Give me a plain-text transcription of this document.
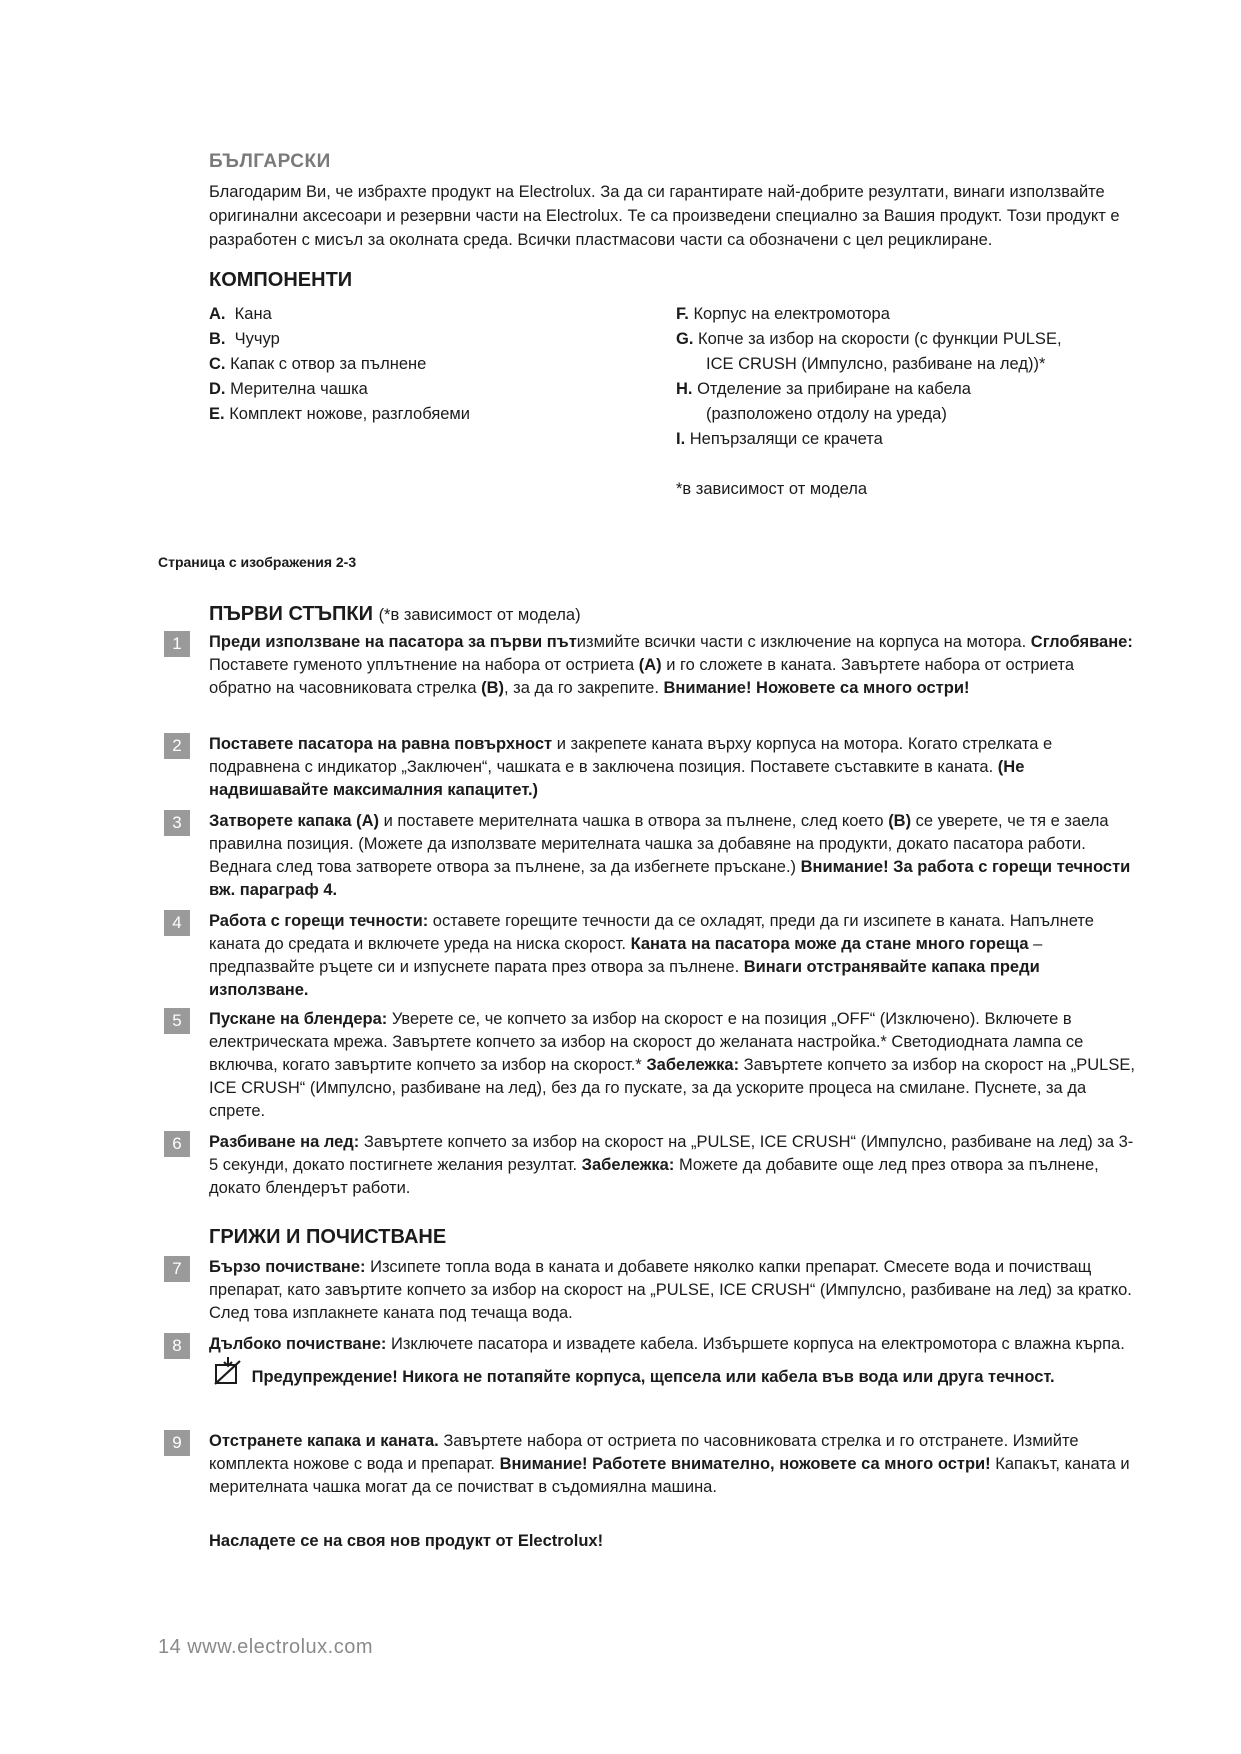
БЪЛГАРСКИ
Благодарим Ви, че избрахте продукт на Electrolux. За да си гарантирате най-добрите резултати, винаги използвайте оригинални аксесоари и резервни части на Electrolux. Те са произведени специално за Вашия продукт. Този продукт е разработен с мисъл за околната среда. Всички пластмасови части са обозначени с цел рециклиране.
КОМПОНЕНТИ
A. Кана
B. Чучур
C. Капак с отвор за пълнене
D. Мерителна чашка
E. Комплект ножове, разглобяеми
F. Корпус на електромотора
G. Копче за избор на скорости (с функции PULSE,
ICE CRUSH (Импулсно, разбиване на лед))*
H. Отделение за прибиране на кабела
(разположено отдолу на уреда)
I. Непързалящи се крачета
*в зависимост от модела
Страница с изображения 2-3
ПЪРВИ СТЪПКИ (*в зависимост от модела)
1	Преди използване на пасатора за първи пътизмийте всички части с изключение на корпуса на мотора. Сглобяване: Поставете гуменото уплътнение на набора от остриета (A) и го сложете в каната. Завъртете набора от остриета обратно на часовниковата стрелка (B), за да го закрепите. Внимание! Ножовете са много остри!
2	Поставете пасатора на равна повърхност и закрепете каната върху корпуса на мотора. Когато стрелката е подравнена с индикатор „Заключен“, чашката е в заключена позиция. Поставете съставките в каната. (Не надвишавайте максималния капацитет.)
3	Затворете капака (A) и поставете мерителната чашка в отвора за пълнене, след което (B) се уверете, че тя е заела правилна позиция. (Можете да използвате мерителната чашка за добавяне на продукти, докато пасатора работи. Веднага след това затворете отвора за пълнене, за да избегнете пръскане.) Внимание! За работа с горещи течности вж. параграф 4.
4	Работа с горещи течности: оставете горещите течности да се охладят, преди да ги изсипете в каната. Напълнете каната до средата и включете уреда на ниска скорост. Каната на пасатора може да стане много гореща – предпазвайте ръцете си и изпуснете парата през отвора за пълнене. Винаги отстранявайте капака преди използване.
5	Пускане на блендера: Уверете се, че копчето за избор на скорост е на позиция „OFF“ (Изключено). Включете в електрическата мрежа. Завъртете копчето за избор на скорост до желаната настройка.* Светодиодната лампа се включва, когато завъртите копчето за избор на скорост.* Забележка: Завъртете копчето за избор на скорост на „PULSE, ICE CRUSH“ (Импулсно, разбиване на лед), без да го пускате, за да ускорите процеса на смилане. Пуснете, за да спрете.
6	Разбиване на лед: Завъртете копчето за избор на скорост на „PULSE, ICE CRUSH“ (Импулсно, разбиване на лед) за 3-5 секунди, докато постигнете желания резултат. Забележка: Можете да добавите още лед през отвора за пълнене, докато блендерът работи.
ГРИЖИ И ПОЧИСТВАНЕ
7	Бързо почистване: Изсипете топла вода в каната и добавете няколко капки препарат. Смесете вода и почистващ препарат, като завъртите копчето за избор на скорост на „PULSE, ICE CRUSH“ (Импулсно, разбиване на лед) за кратко. След това изплакнете каната под течаща вода.
8	Дълбоко почистване: Изключете пасатора и извадете кабела. Избършете корпуса на електромотора с влажна кърпа.  Предупреждение! Никога не потапяйте корпуса, щепсела или кабела във вода или друга течност.
9	Отстранете капака и каната. Завъртете набора от остриета по часовниковата стрелка и го отстранете. Измийте комплекта ножове с вода и препарат. Внимание! Работете внимателно, ножовете са много остри! Капакът, каната и мерителната чашка могат да се почистват в съдомиялна машина.
Насладете се на своя нов продукт от Electrolux!
14 www.electrolux.com
